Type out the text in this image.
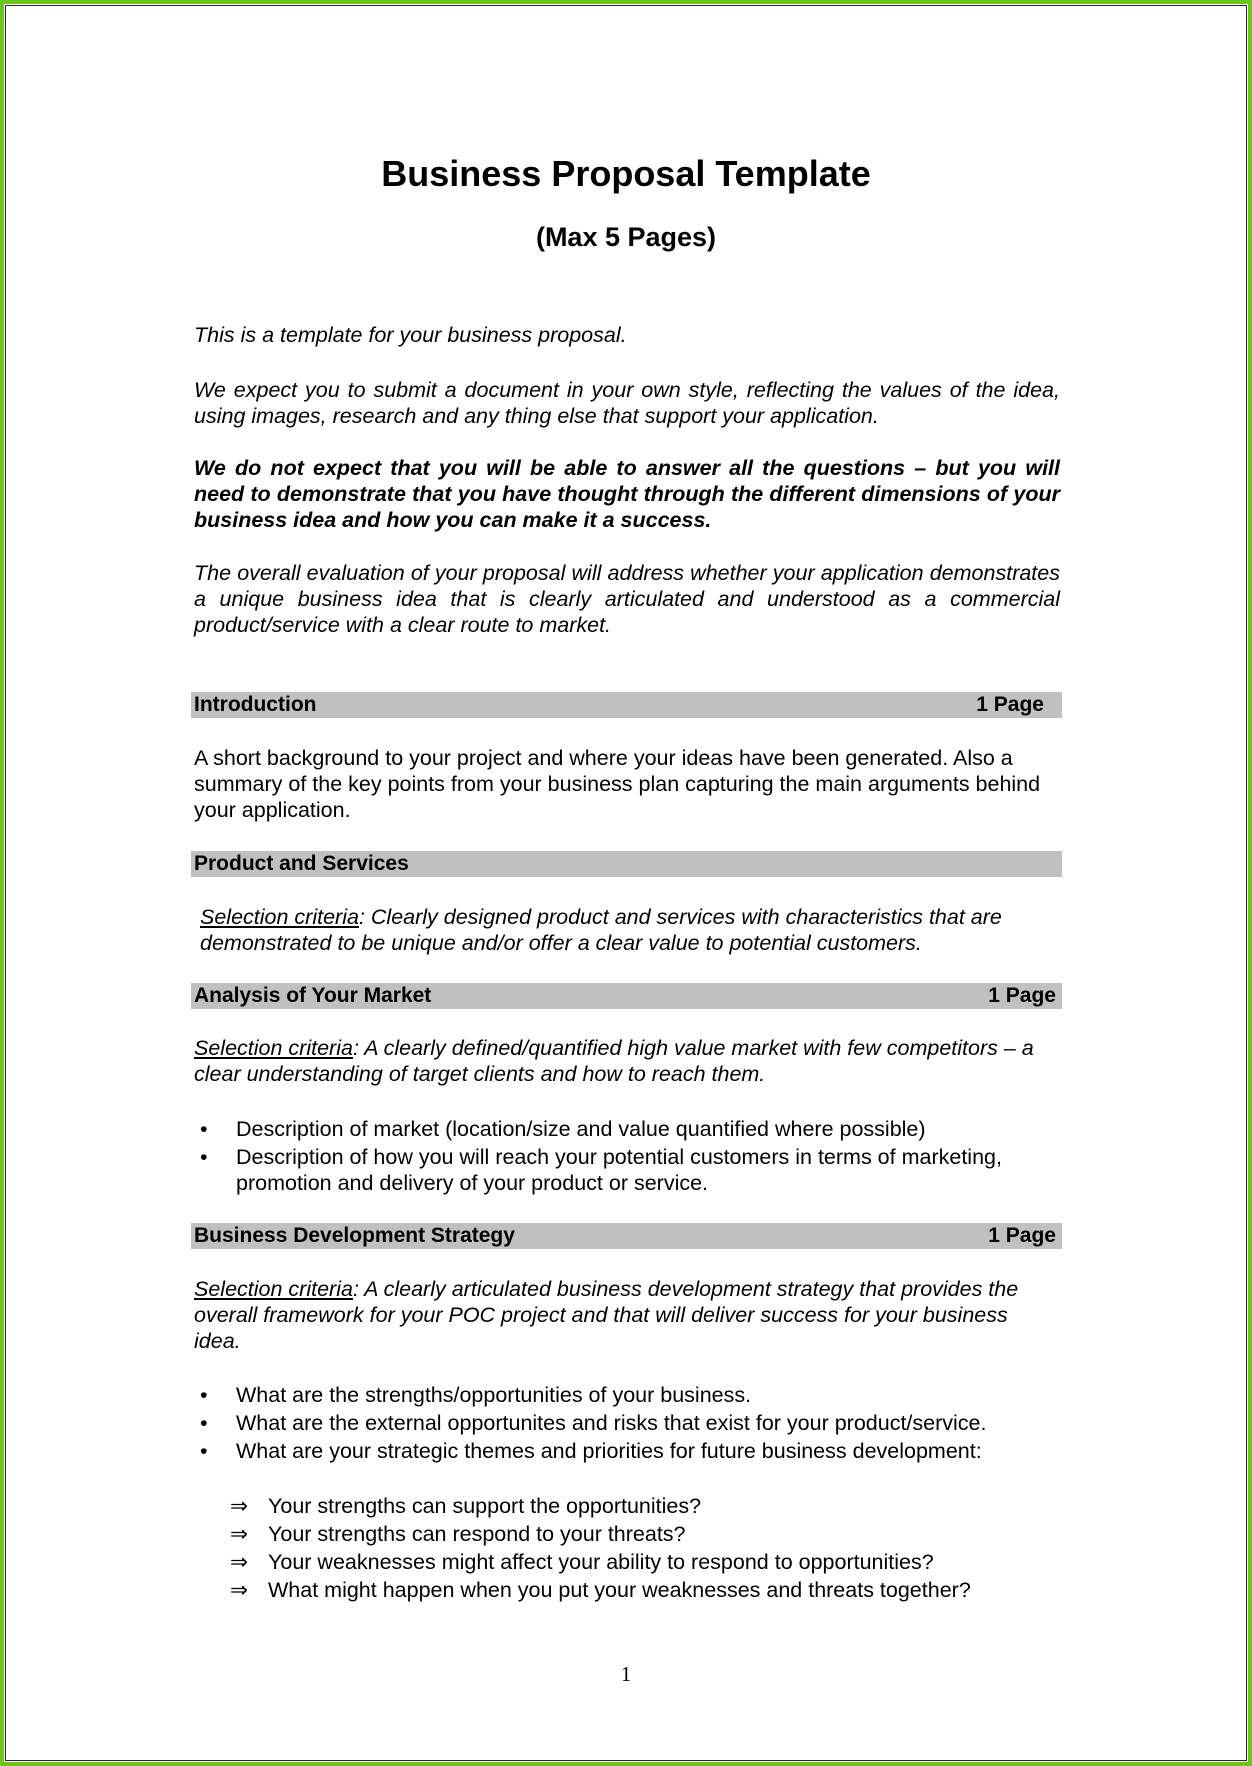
Business Proposal Template
(Max 5 Pages)

This is a template for your business proposal.

We expect you to submit a document in your own style, reflecting the values of the idea, using images, research and any thing else that support your application.

We do not expect that you will be able to answer all the questions – but you will need to demonstrate that you have thought through the different dimensions of your business idea and how you can make it a success.

The overall evaluation of your proposal will address whether your application demonstrates a unique business idea that is clearly articulated and understood as a commercial product/service with a clear route to market.

Introduction	1 Page

A short background to your project and where your ideas have been generated. Also a summary of the key points from your business plan capturing the main arguments behind your application.

Product and Services

Selection criteria: Clearly designed product and services with characteristics that are demonstrated to be unique and/or offer a clear value to potential customers.

Analysis of Your Market	1 Page

Selection criteria: A clearly defined/quantified high value market with few competitors – a clear understanding of target clients and how to reach them.

• Description of market (location/size and value quantified where possible)
• Description of how you will reach your potential customers in terms of marketing, promotion and delivery of your product or service.
Business Development Strategy	1 Page

Selection criteria: A clearly articulated business development strategy that provides the overall framework for your POC project and that will deliver success for your business idea.

• What are the strengths/opportunities of your business.
• What are the external opportunites and risks that exist for your product/service.
• What are your strategic themes and priorities for future business development:
⇒ Your strengths can support the opportunities?
⇒ Your strengths can respond to your threats?
⇒ Your weaknesses might affect your ability to respond to opportunities?
⇒ What might happen when you put your weaknesses and threats together?
1
